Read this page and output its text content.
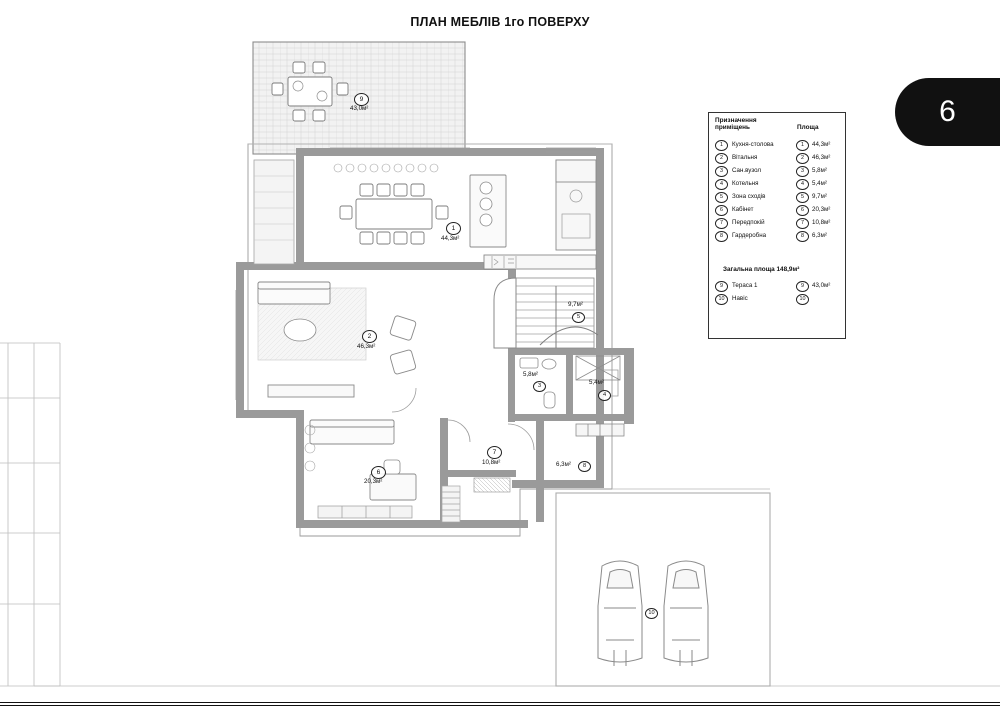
ПЛАН МЕБЛІВ 1го ПОВЕРХУ
9
43,0м²
1
44,3м²
2
46,3м²
5
9,7м²
3
5,8м²
4
5,4м²
6
20,3м²
7
10,8м²	8
6,3м²
10
Призначення приміщень	Площа
1	Кухня-столова	1	44,3м²
2	Вітальня	2	46,3м²
3	Сан.вузол	3	5,8м²
4	Котельня	4	5,4м²
5	Зона сходів	5	9,7м²
6	Кабінет	6	20,3м²
7	Передпокій	7	10,8м²
8	Гардеробна	8	6,3м²
Загальна площа 148,9м²
9	Тераса 1	9	43,0м²
10	Навіс	10
6
